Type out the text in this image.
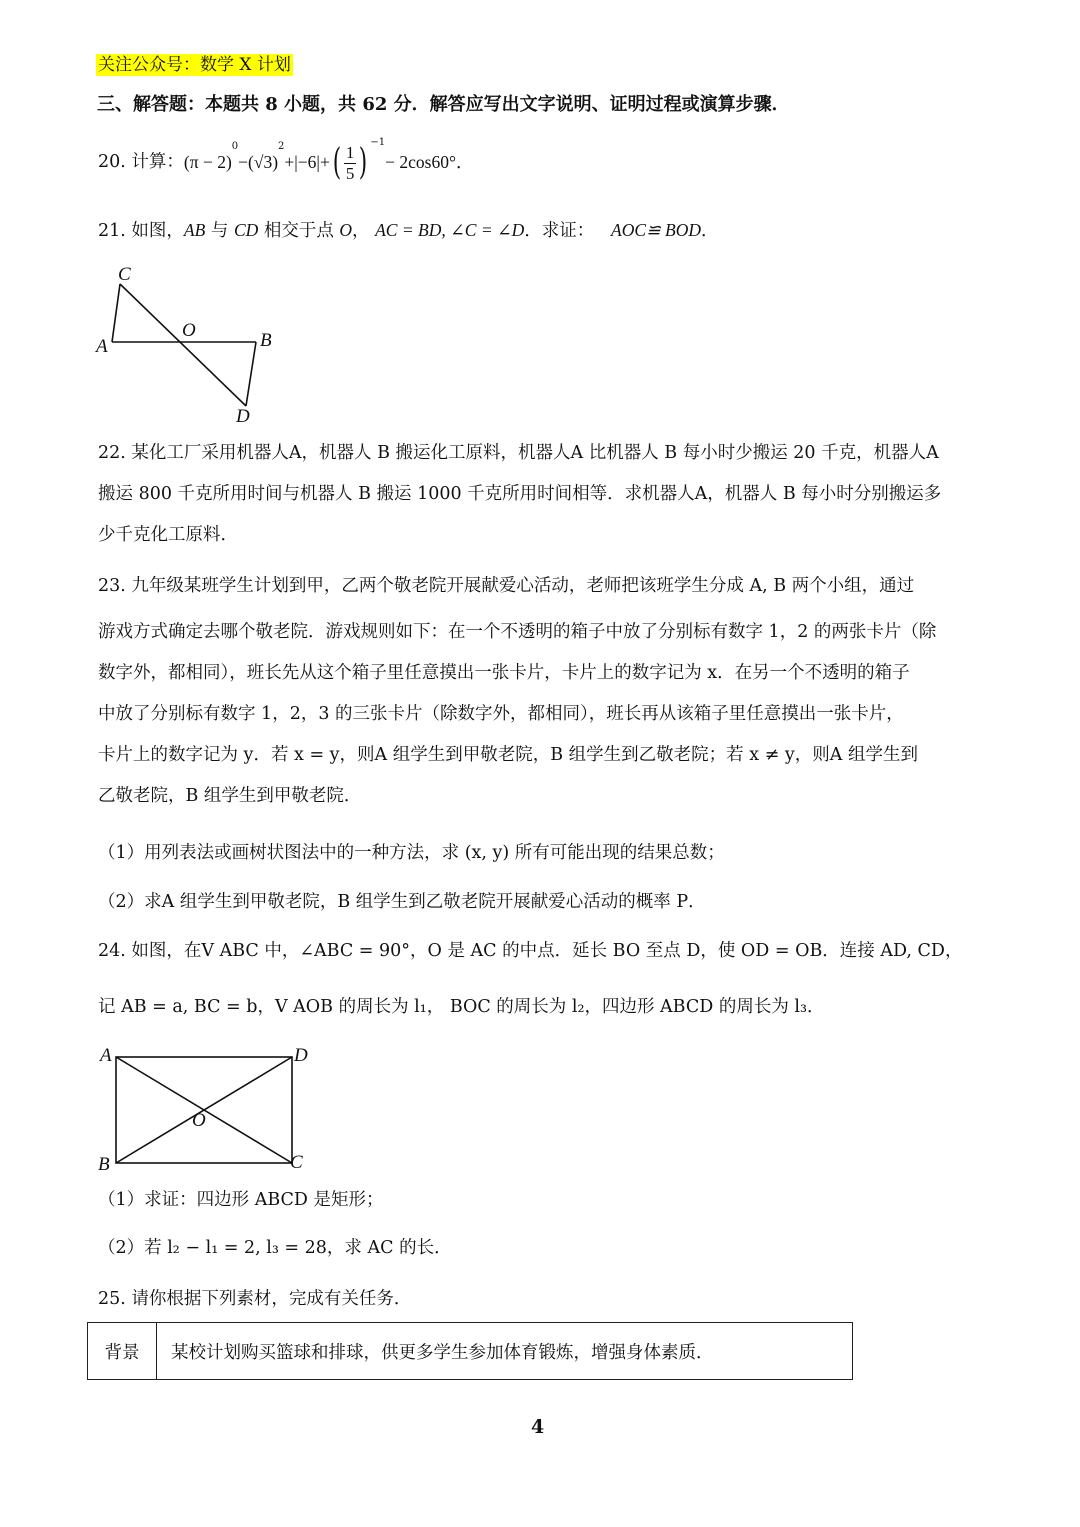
关注公众号：数学 X 计划
三、解答题：本题共 8 小题，共 62 分．解答应写出文字说明、证明过程或演算步骤．
20. 计算： (π − 2)
0
− (√3)
2
+ |−6| + ( $\frac{1}{5}$ ) $^{-1}$
− 2cos60°．
21. 如图，AB 与 CD 相交于点 O， AC = BD, ∠C = ∠D．求证： AOC≌ BOD．
C
O
A	B
D
22. 某化工厂采用机器人A，机器人 B 搬运化工原料，机器人A 比机器人 B 每小时少搬运 20 千克，机器人A
搬运 800 千克所用时间与机器人 B 搬运 1000 千克所用时间相等．求机器人A，机器人 B 每小时分别搬运多
少千克化工原料．
23. 九年级某班学生计划到甲，乙两个敬老院开展献爱心活动，老师把该班学生分成 A, B 两个小组，通过
游戏方式确定去哪个敬老院．游戏规则如下：在一个不透明的箱子中放了分别标有数字 1，2 的两张卡片（除
数字外，都相同），班长先从这个箱子里任意摸出一张卡片，卡片上的数字记为 x．在另一个不透明的箱子
中放了分别标有数字 1，2，3 的三张卡片（除数字外，都相同），班长再从该箱子里任意摸出一张卡片，
卡片上的数字记为 y．若 x = y，则A 组学生到甲敬老院，B 组学生到乙敬老院；若 x ≠ y，则A 组学生到
乙敬老院，B 组学生到甲敬老院．
（1）用列表法或画树状图法中的一种方法，求 (x, y) 所有可能出现的结果总数；
（2）求A 组学生到甲敬老院，B 组学生到乙敬老院开展献爱心活动的概率 P．
24. 如图，在V ABC 中，∠ABC = 90°，O 是 AC 的中点．延长 BO 至点 D，使 OD = OB．连接 AD, CD，
记 AB = a, BC = b，V AOB 的周长为 l₁， BOC 的周长为 l₂，四边形 ABCD 的周长为 l₃．
A	D
O
B	C
（1）求证：四边形 ABCD 是矩形；
（2）若 l₂ − l₁ = 2, l₃ = 28，求 AC 的长．
25. 请你根据下列素材，完成有关任务．
背景	某校计划购买篮球和排球，供更多学生参加体育锻炼，增强身体素质．
4
